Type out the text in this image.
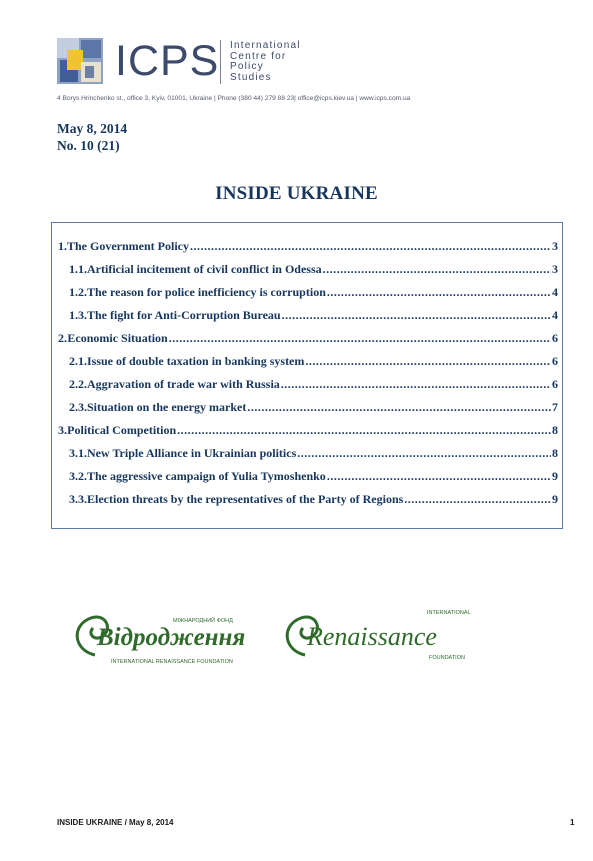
ICPS International
Centre for
Policy
Studies
4 Borys Hrinchenko st., office 3, Kyiv, 01001, Ukraine | Phone (380 44) 279 88 23| office@icps.kiev.ua | www.icps.com.ua
May 8, 2014
No. 10 (21)
INSIDE UKRAINE
1. The Government Policy .....	3
1.1. Artificial incitement of civil conflict in Odessa .....	3
1.2. The reason for police inefficiency is corruption .....	4
1.3. The fight for Anti-Corruption Bureau .....	4
2. Economic Situation .....	6
2.1. Issue of double taxation in banking system .....	6
2.2. Aggravation of trade war with Russia .....	6
2.3. Situation on the energy market .....	7
3. Political Competition .....	8
3.1. New Triple Alliance in Ukrainian politics .....	8
3.2. The aggressive campaign of Yulia Tymoshenko .....	9
3.3. Election threats by the representatives of the Party of Regions .....	9
МІЖНАРОДНИЙ ФОНД
Відродження
INTERNATIONAL RENAISSANCE FOUNDATION
INTERNATIONAL
Renaissance
FOUNDATION
INSIDE UKRAINE / May 8, 2014	1
